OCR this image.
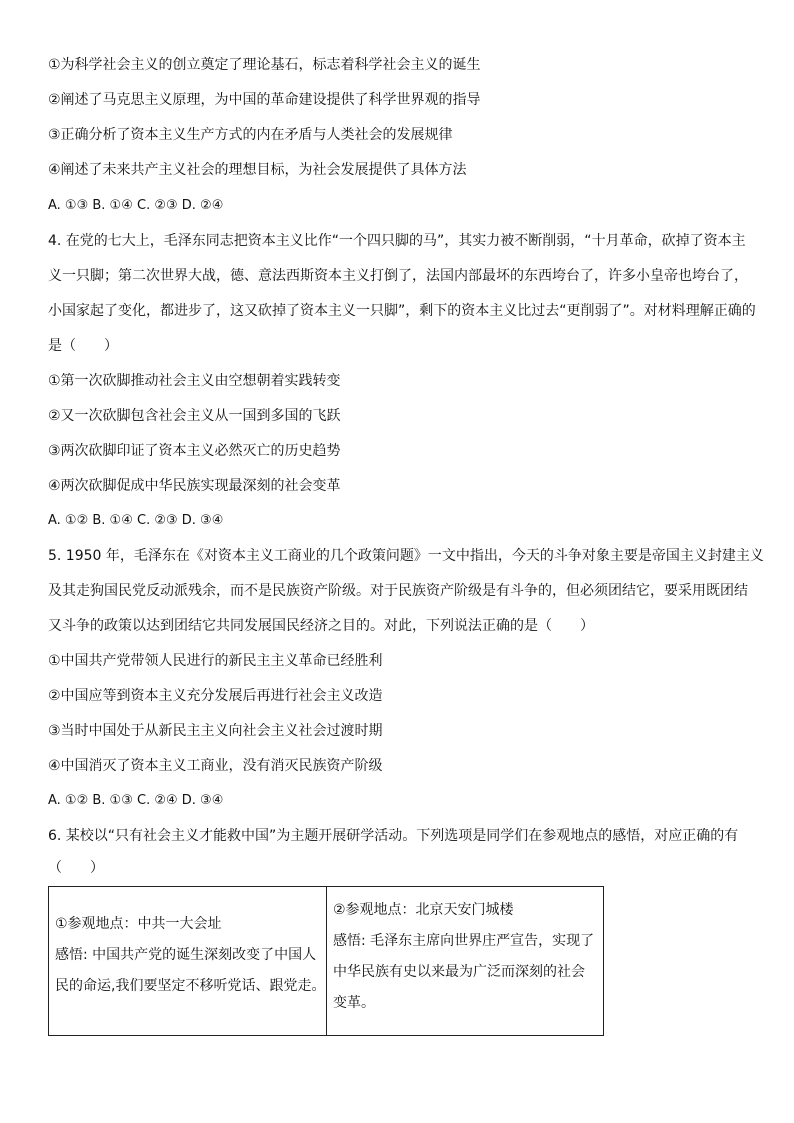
①为科学社会主义的创立奠定了理论基石，标志着科学社会主义的诞生
②阐述了马克思主义原理，为中国的革命建设提供了科学世界观的指导
③正确分析了资本主义生产方式的内在矛盾与人类社会的发展规律
④阐述了未来共产主义社会的理想目标，为社会发展提供了具体方法
A. ①③ B. ①④ C. ②③ D. ②④
4. 在党的七大上，毛泽东同志把资本主义比作“一个四只脚的马”，其实力被不断削弱，“十月革命，砍掉了资本主
义一只脚；第二次世界大战，德、意法西斯资本主义打倒了，法国内部最坏的东西垮台了，许多小皇帝也垮台了，
小国家起了变化，都进步了，这又砍掉了资本主义一只脚”，剩下的资本主义比过去“更削弱了”。对材料理解正确的
是（　　）
①第一次砍脚推动社会主义由空想朝着实践转变
②又一次砍脚包含社会主义从一国到多国的飞跃
③两次砍脚印证了资本主义必然灭亡的历史趋势
④两次砍脚促成中华民族实现最深刻的社会变革
A. ①② B. ①④ C. ②③ D. ③④
5. 1950 年，毛泽东在《对资本主义工商业的几个政策问题》一文中指出，今天的斗争对象主要是帝国主义封建主义
及其走狗国民党反动派残余，而不是民族资产阶级。对于民族资产阶级是有斗争的，但必须团结它，要采用既团结
又斗争的政策以达到团结它共同发展国民经济之目的。对此，下列说法正确的是（　　）
①中国共产党带领人民进行的新民主主义革命已经胜利
②中国应等到资本主义充分发展后再进行社会主义改造
③当时中国处于从新民主主义向社会主义社会过渡时期
④中国消灭了资本主义工商业，没有消灭民族资产阶级
A. ①② B. ①③ C. ②④ D. ③④
6. 某校以“只有社会主义才能救中国”为主题开展研学活动。下列选项是同学们在参观地点的感悟，对应正确的有
（　　）
①参观地点：中共一大会址
感悟: 中国共产党的诞生深刻改变了中国人
民的命运,我们要坚定不移听党话、跟党走。

②参观地点：北京天安门城楼
感悟: 毛泽东主席向世界庄严宣告，实现了
中华民族有史以来最为广泛而深刻的社会
变革。
